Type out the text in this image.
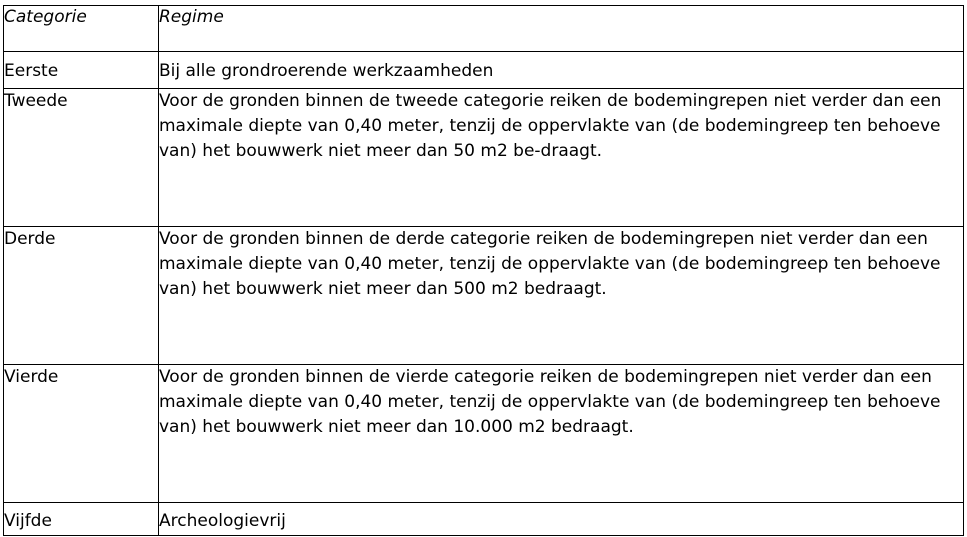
Categorie	Regime
Eerste	Bij alle grondroerende werkzaamheden
Tweede	Voor de gronden binnen de tweede categorie reiken de bodemingrepen niet verder dan een maximale diepte van 0,40 meter, tenzij de oppervlakte van (de bodemingreep ten behoeve van) het bouwwerk niet meer dan 50 m2 be-draagt.
Derde	Voor de gronden binnen de derde categorie reiken de bodemingrepen niet verder dan een maximale diepte van 0,40 meter, tenzij de oppervlakte van (de bodemingreep ten behoeve van) het bouwwerk niet meer dan 500 m2 bedraagt.
Vierde	Voor de gronden binnen de vierde categorie reiken de bodemingrepen niet verder dan een maximale diepte van 0,40 meter, tenzij de oppervlakte van (de bodemingreep ten behoeve van) het bouwwerk niet meer dan 10.000 m2 bedraagt.
Vijfde	Archeologievrij
